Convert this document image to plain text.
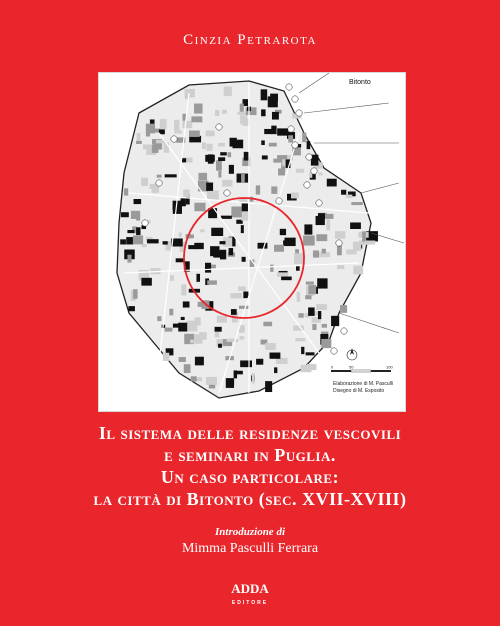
Cinzia Petrarota
0	50	100
Bitonto
Elaborazione di M. Pasculli
Disegno di M. Esposito
Il sistema delle residenze vescovili
e seminari in Puglia.
Un caso particolare:
la città di Bitonto (sec. XVII-XVIII)
Introduzione di
Mimma Pasculli Ferrara
ADDA
EDITORE
